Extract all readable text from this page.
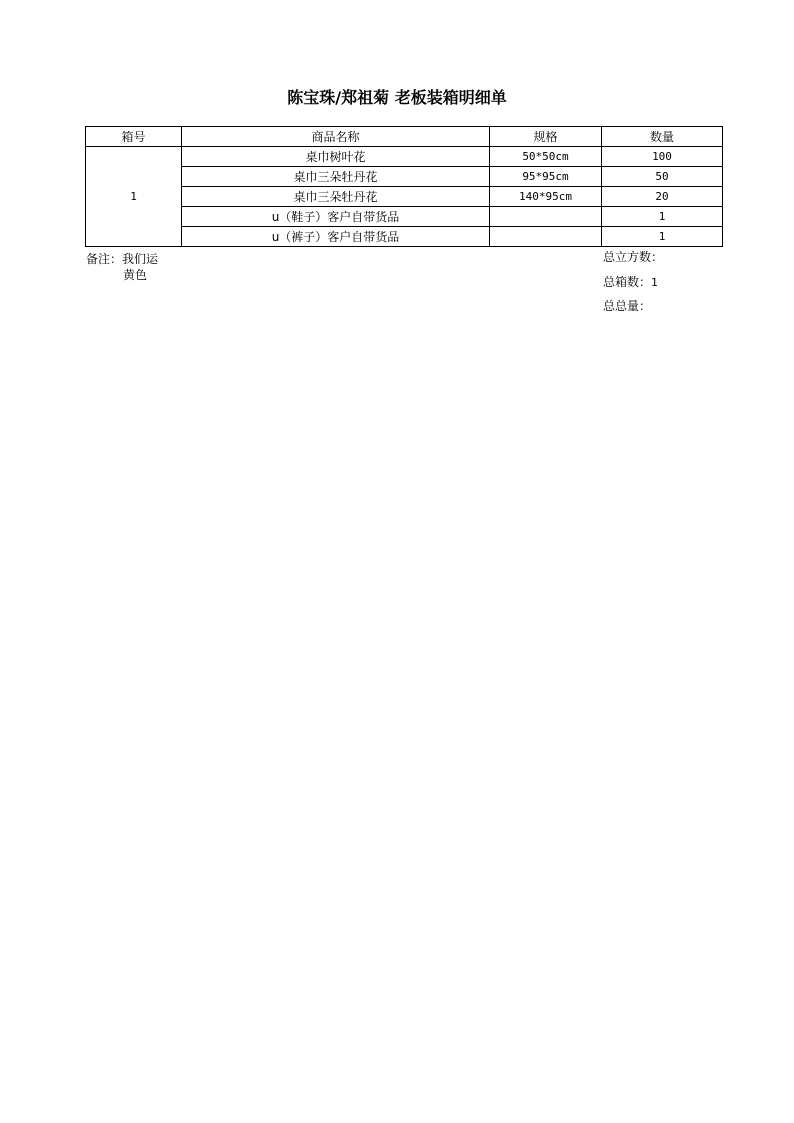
陈宝珠/郑祖菊 老板装箱明细单
箱号	商品名称	规格	数量
1	桌巾树叶花	50*50cm	100
	桌巾三朵牡丹花	95*95cm	50
	桌巾三朵牡丹花	140*95cm	20
	u（鞋子）客户自带货品		1
	u（裤子）客户自带货品		1
备注：我们运
黄色
总立方数：
总箱数：1
总总量：
